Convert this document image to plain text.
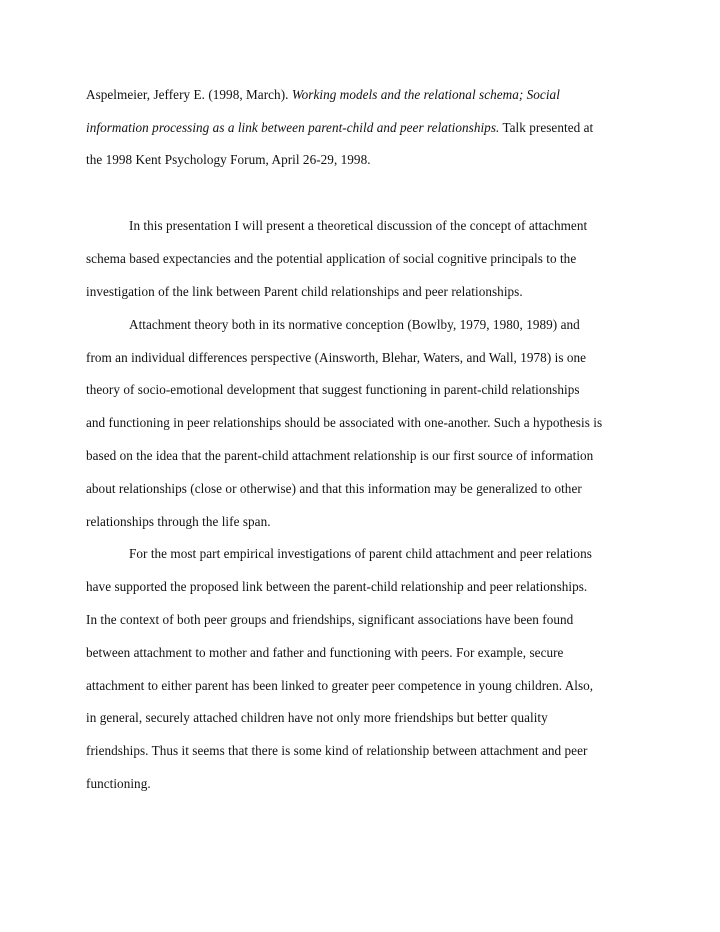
Aspelmeier, Jeffery E. (1998, March). Working models and the relational schema; Social

information processing as a link between parent-child and peer relationships. Talk presented at

the 1998 Kent Psychology Forum, April 26-29, 1998.

In this presentation I will present a theoretical discussion of the concept of attachment

schema based expectancies and the potential application of social cognitive principals to the

investigation of the link between Parent child relationships and peer relationships.

Attachment theory both in its normative conception (Bowlby, 1979, 1980, 1989) and

from an individual differences perspective (Ainsworth, Blehar, Waters, and Wall, 1978) is one

theory of socio-emotional development that suggest functioning in parent-child relationships

and functioning in peer relationships should be associated with one-another. Such a hypothesis is

based on the idea that the parent-child attachment relationship is our first source of information

about relationships (close or otherwise) and that this information may be generalized to other

relationships through the life span.

For the most part empirical investigations of parent child attachment and peer relations

have supported the proposed link between the parent-child relationship and peer relationships.

In the context of both peer groups and friendships, significant associations have been found

between attachment to mother and father and functioning with peers. For example, secure

attachment to either parent has been linked to greater peer competence in young children. Also,

in general, securely attached children have not only more friendships but better quality

friendships. Thus it seems that there is some kind of relationship between attachment and peer

functioning.
